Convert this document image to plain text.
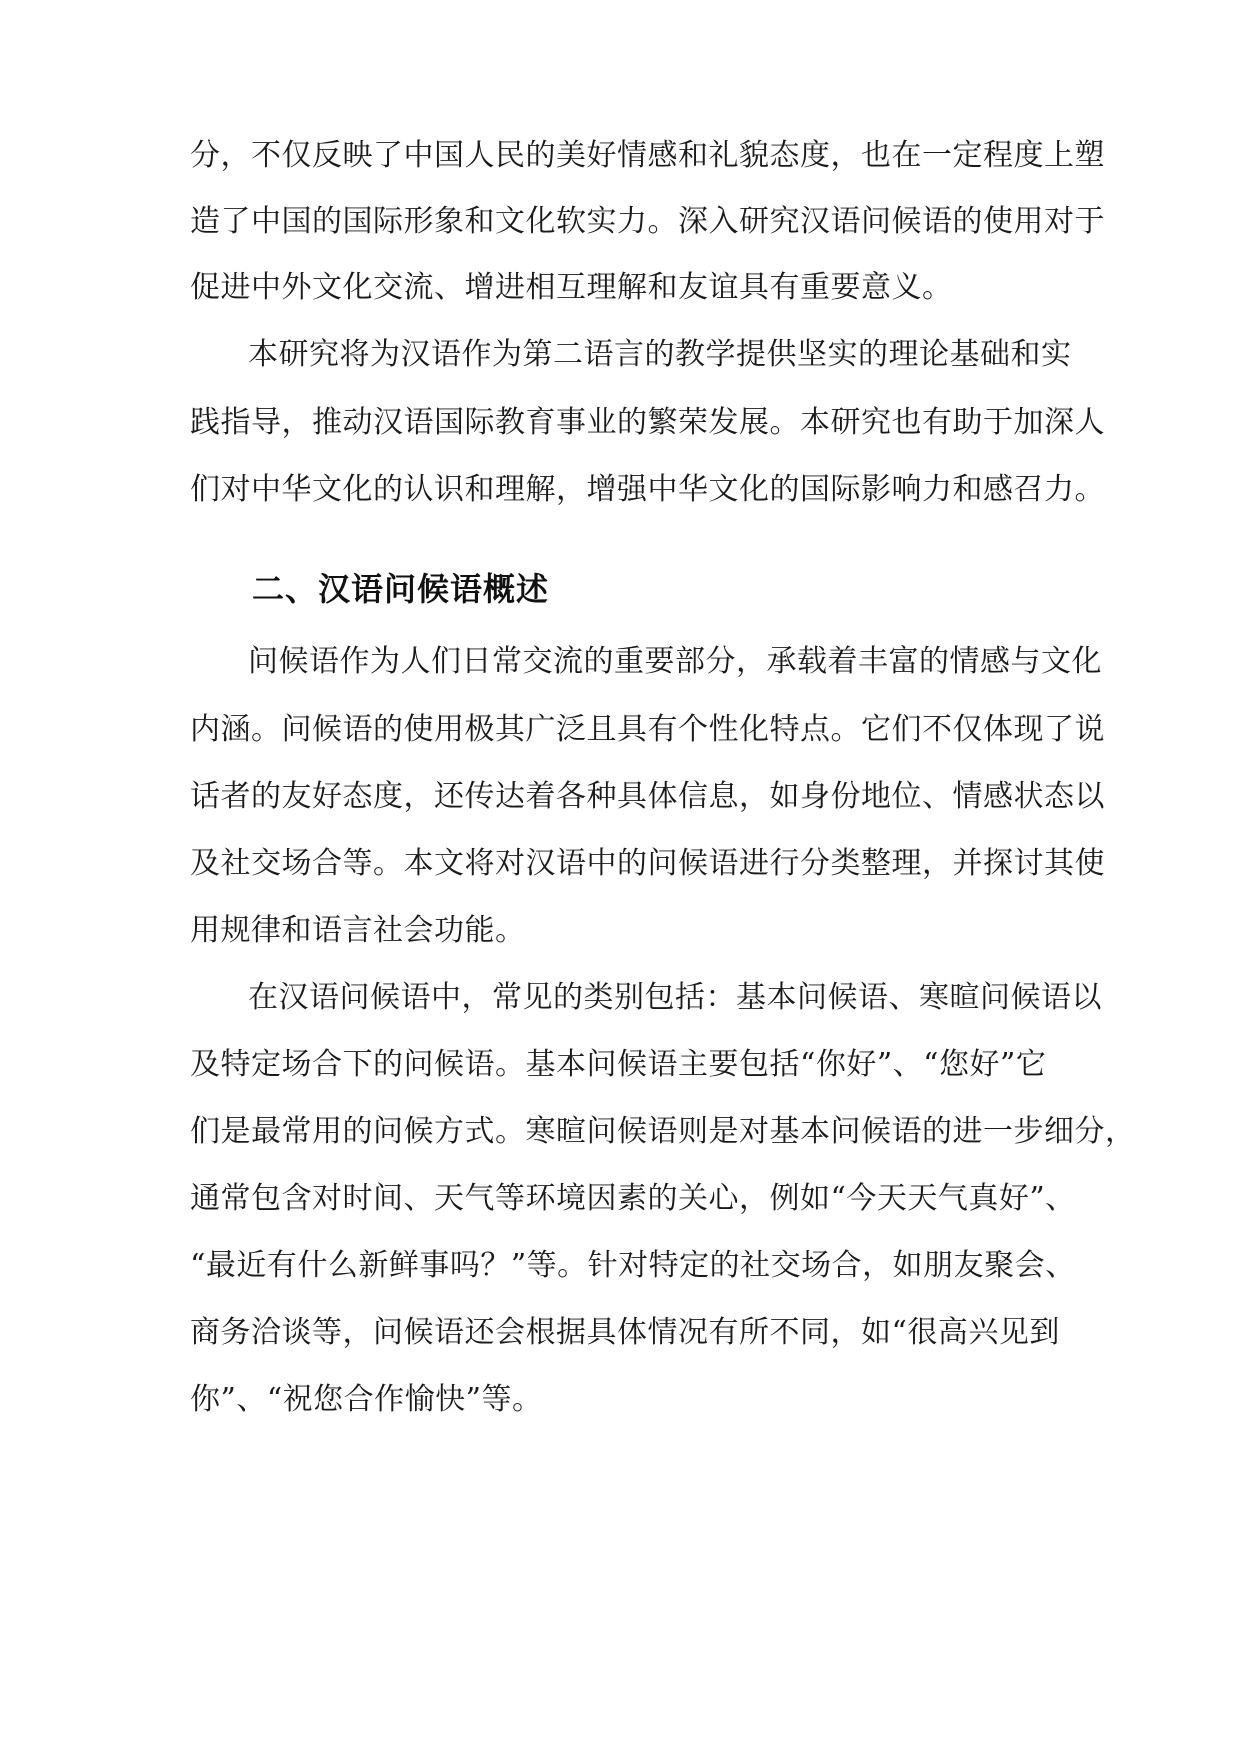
分，不仅反映了中国人民的美好情感和礼貌态度，也在一定程度上塑
造了中国的国际形象和文化软实力。深入研究汉语问候语的使用对于
促进中外文化交流、增进相互理解和友谊具有重要意义。
本研究将为汉语作为第二语言的教学提供坚实的理论基础和实
践指导，推动汉语国际教育事业的繁荣发展。本研究也有助于加深人
们对中华文化的认识和理解，增强中华文化的国际影响力和感召力。
二、汉语问候语概述
问候语作为人们日常交流的重要部分，承载着丰富的情感与文化
内涵。问候语的使用极其广泛且具有个性化特点。它们不仅体现了说
话者的友好态度，还传达着各种具体信息，如身份地位、情感状态以
及社交场合等。本文将对汉语中的问候语进行分类整理，并探讨其使
用规律和语言社会功能。
在汉语问候语中，常见的类别包括：基本问候语、寒暄问候语以
及特定场合下的问候语。基本问候语主要包括“你好”、“您好”它
们是最常用的问候方式。寒暄问候语则是对基本问候语的进一步细分，
通常包含对时间、天气等环境因素的关心，例如“今天天气真好”、
“最近有什么新鲜事吗？”等。针对特定的社交场合，如朋友聚会、
商务洽谈等，问候语还会根据具体情况有所不同，如“很高兴见到
你”、“祝您合作愉快”等。
